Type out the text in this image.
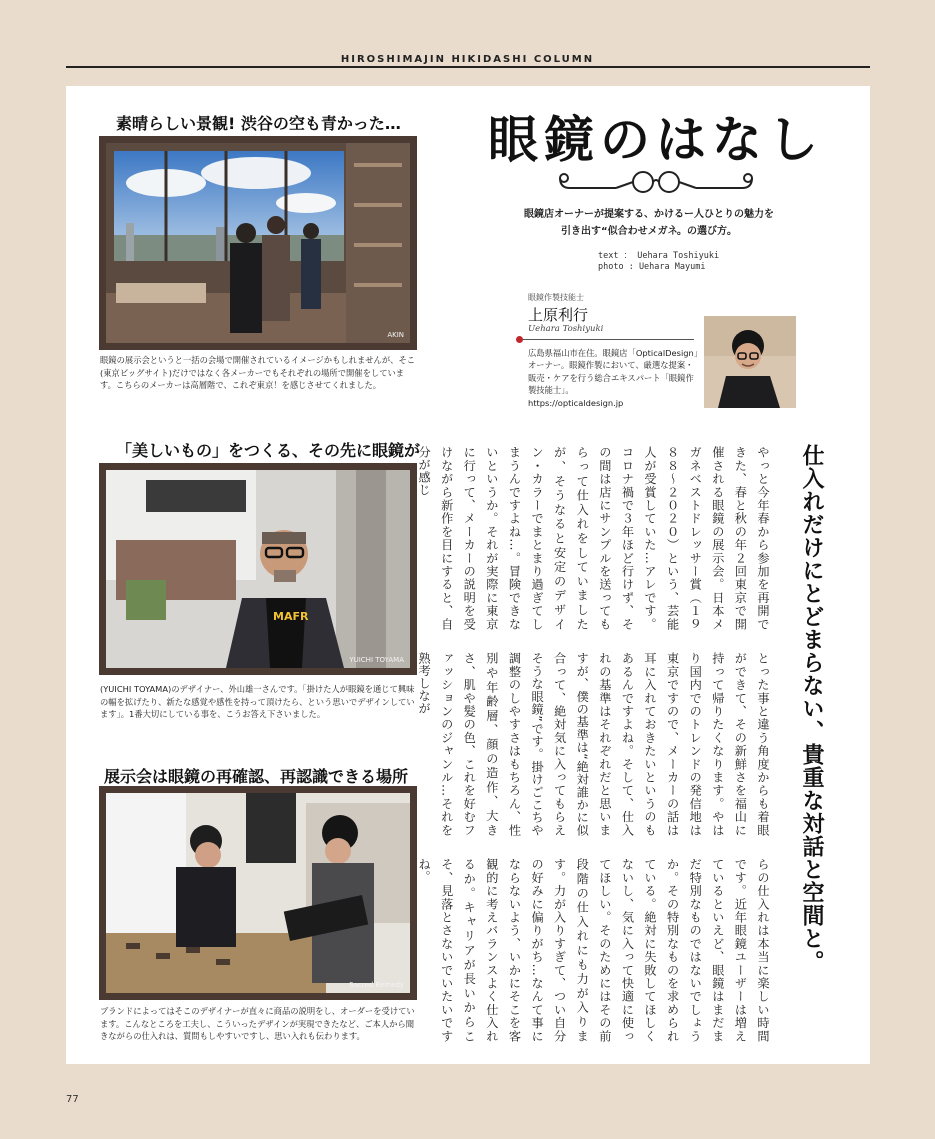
HIROSHIMAJIN HIKIDASHI COLUMN
素晴らしい景観! 渋谷の空も青かった…
AKIN
眼鏡の展示会というと一括の会場で開催されているイメージかもしれませんが、そこ(東京ビッグサイト)だけではなく各メーカーでもそれぞれの場所で開催をしています。こちらのメーカーは高層階で、これぞ東京！を感じさせてくれました。
「美しいもの」をつくる、その先に眼鏡が
MAFR
YUICHI TOYAMA
(YUICHI TOYAMA)のデザイナー、外山雄一さんです。「掛けた人が眼鏡を通じて興味の幅を拡げたり、新たな感覚や感性を持って頂けたら、という思いでデザインしています」。1番大切にしている事を、こうお答え下さいました。
展示会は眼鏡の再確認、再認識できる場所
Sacred Remedy
ブランドによってはそこのデザイナーが直々に商品の説明をし、オーダーを受けています。こんなところを工夫し、こういったデザインが実現できたなど、ご本人から聞きながらの仕入れは、質問もしやすいですし、思い入れも伝わります。
眼鏡のはなし
眼鏡店オーナーが提案する、かけるー人ひとりの魅力を引き出す“似合わせメガネ。の選び方。
text ： Uehara Toshiyuki
photo : Uehara Mayumi
眼鏡作製技能士
上原利行
Uehara Toshiyuki
広島県福山市在住。眼鏡店「OpticalDesign」オーナー。眼鏡作製において、厳選な提案・販売・ケアを行う総合エキスパート「眼鏡作製技能士」。
https://opticaldesign.jp
仕入れだけにとどまらない、貴重な対話と空間と。
やっと今年春から参加を再開できた、春と秋の年２回東京で開催される眼鏡の展示会。日本メガネベストドレッサー賞（１９８８〜２０２０）という、芸能人が受賞していた…アレです。コロナ禍で３年ほど行けず、その間は店にサンプルを送ってもらって仕入れをしていましたが、そうなると安定のデザイン・カラーでまとまり過ぎてしまうんですよね…。冒険できないというか。それが実際に東京に行って、メーカーの説明を受けながら新作を目にすると、自分が感じ
とった事と違う角度からも着眼ができて、その新鮮さを福山に持って帰りたくなります。やはり国内でのトレンドの発信地は東京ですので、メーカーの話は耳に入れておきたいというのもあるんですよね。そして、仕入れの基準はそれぞれだと思いますが、僕の基準は“絶対誰かに似合って、絶対気に入ってもらえそうな眼鏡”です。掛けごこちや調整のしやすさはもちろん、性別や年齢層、顔の造作、大きさ、肌や髪の色、これを好むファッションのジャンル…それを熟考しなが
らの仕入れは本当に楽しい時間です。近年眼鏡ユーザーは増えているといえど、眼鏡はまだまだ特別なものではないでしょうか。その特別なものを求められている。絶対に失敗してほしくないし、気に入って快適に使ってほしい。そのためにはその前段階の仕入れにも力が入ります。力が入りすぎて、つい自分の好みに偏りがち…なんて事にならないよう、いかにそこを客観的に考えバランスよく仕入れるか。キャリアが長いからこそ、見落とさないでいたいですね。
77
